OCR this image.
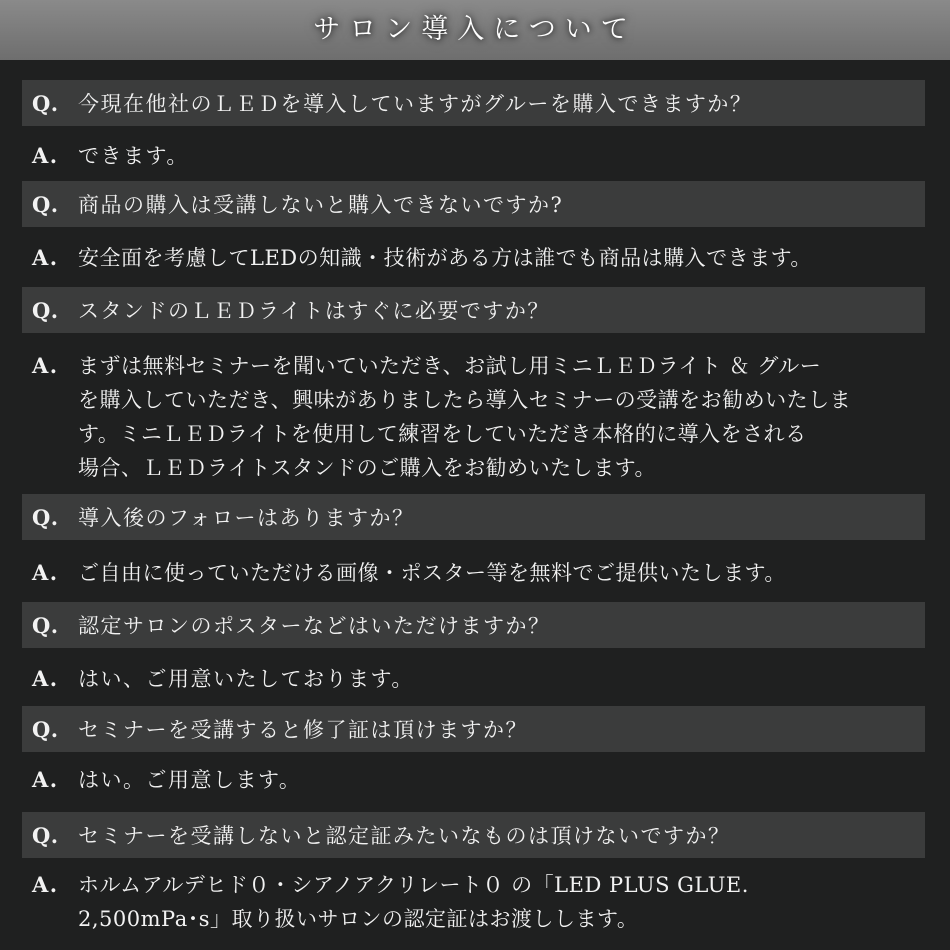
サロン導入について
Q. 今現在他社のＬＥＤを導入していますがグルーを購入できますか？
A. できます。
Q. 商品の購入は受講しないと購入できないですか?
A. 安全面を考慮してLEDの知識・技術がある方は誰でも商品は購入できます。
Q. スタンドのＬＥＤライトはすぐに必要ですか？
A. まずは無料セミナーを聞いていただき、お試し用ミニＬＥＤライト ＆ グルー
を購入していただき、興味がありましたら導入セミナーの受講をお勧めいたしま
す。ミニＬＥＤライトを使用して練習をしていただき本格的に導入をされる
場合、ＬＥＤライトスタンドのご購入をお勧めいたします。
Q. 導入後のフォローはありますか？
A. ご自由に使っていただける画像・ポスター等を無料でご提供いたします。
Q. 認定サロンのポスターなどはいただけますか？
A. はい、ご用意いたしております。
Q. セミナーを受講すると修了証は頂けますか？
A. はい。ご用意します。
Q. セミナーを受講しないと認定証みたいなものは頂けないですか？
A. ホルムアルデヒド０・シアノアクリレート０ の「LED PLUS GLUE.
2,500mPa･s」取り扱いサロンの認定証はお渡しします。
